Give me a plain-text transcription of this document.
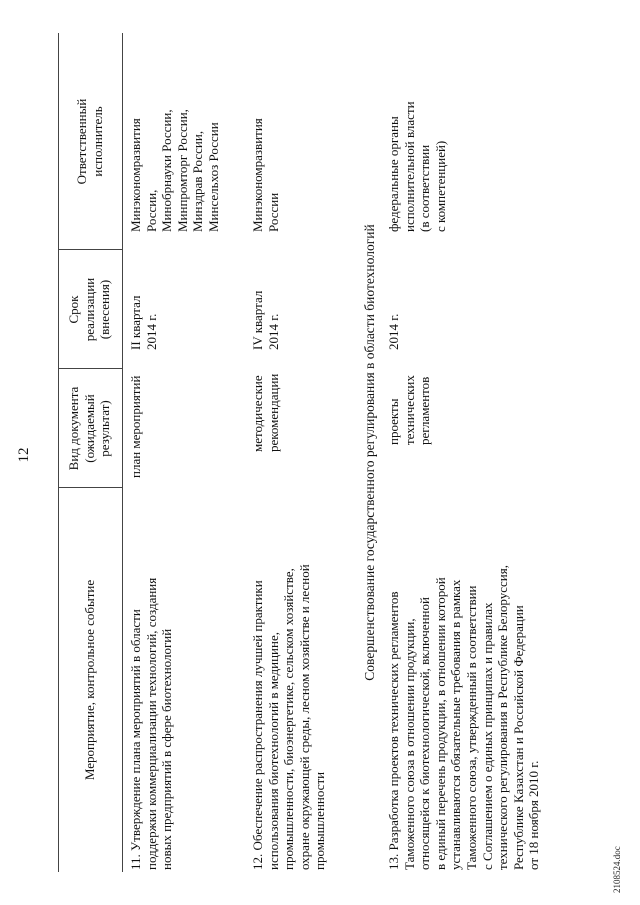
12
Мероприятие, контрольное событие
Вид документа
(ожидаемый
результат)
Срок
реализации
(внесения)
Ответственный
исполнитель
11. Утверждение плана мероприятий в области
поддержки коммерциализации технологий, создания
новых предприятий в сфере биотехнологий
план мероприятий
II квартал
2014 г.
Минэкономразвития
России,
Минобрнауки России,
Минпромторг России,
Минздрав России,
Минсельхоз России
12. Обеспечение распространения лучшей практики
использования биотехнологий в медицине,
промышленности, биоэнергетике, сельском хозяйстве,
охране окружающей среды, лесном хозяйстве и лесной
промышленности
методические
рекомендации
IV квартал
2014 г.
Минэкономразвития
России
Совершенствование государственного регулирования в области биотехнологий
13. Разработка проектов технических регламентов
Таможенного союза в отношении продукции,
относящейся к биотехнологической, включенной
в единый перечень продукции, в отношении которой
устанавливаются обязательные требования в рамках
Таможенного союза, утвержденный в соответствии
с Соглашением о единых принципах и правилах
технического регулирования в Республике Белоруссия,
Республике Казахстан и Российской Федерации
от 18 ноября 2010 г.
проекты
технических
регламентов
2014 г.
федеральные органы
исполнительной власти
(в соответствии
с компетенцией)
2108524.doc
